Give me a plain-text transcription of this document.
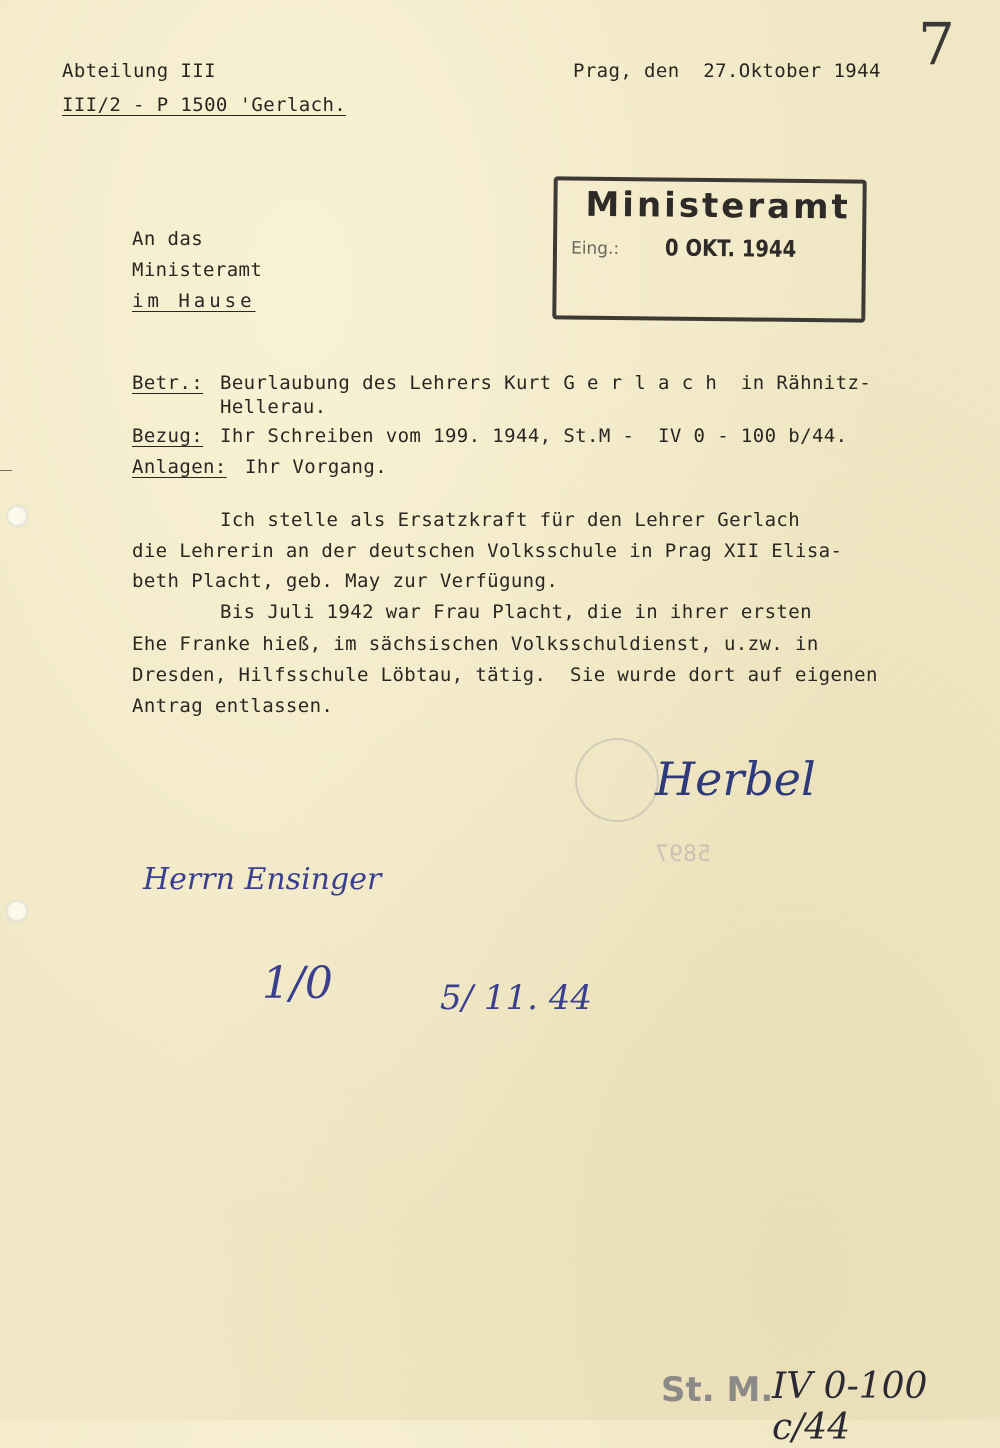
Abteilung III
III/2 - P 1500 'Gerlach.
Prag, den  27.Oktober 1944 7
Ministeramt
Eing.: 0 OKT. 1944
An das
Ministeramt
im Hause
Betr.: Beurlaubung des Lehrers Kurt G e r l a c h  in Rähnitz-
Hellerau.
Bezug: Ihr Schreiben vom 199. 1944, St.M -  IV 0 - 100 b/44.
Anlagen: Ihr Vorgang.
Ich stelle als Ersatzkraft für den Lehrer Gerlach
die Lehrerin an der deutschen Volksschule in Prag XII Elisa-
beth Placht, geb. May zur Verfügung.
Bis Juli 1942 war Frau Placht, die in ihrer ersten
Ehe Franke hieß, im sächsischen Volksschuldienst, u.zw. in
Dresden, Hilfsschule Löbtau, tätig.  Sie wurde dort auf eigenen
Antrag entlassen.
5897
Herbel
Herrn Ensinger
1/0	5/ 11. 44
St. M.
IV 0-100 c/44
